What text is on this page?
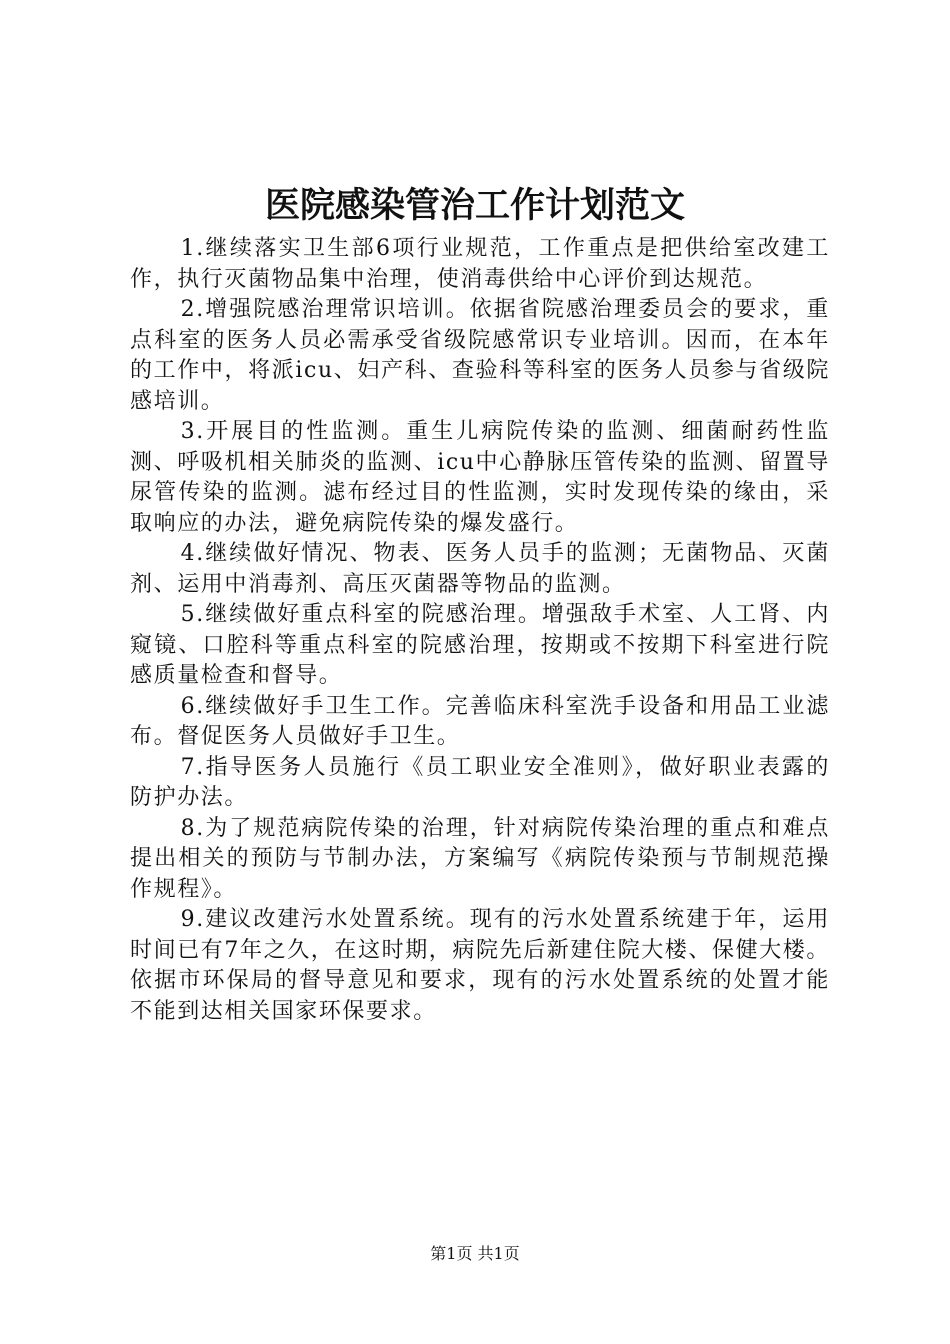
医院感染管治工作计划范文

1.继续落实卫生部6项行业规范，工作重点是把供给室改建工作，执行灭菌物品集中治理，使消毒供给中心评价到达规范。

2.增强院感治理常识培训。依据省院感治理委员会的要求，重点科室的医务人员必需承受省级院感常识专业培训。因而，在本年的工作中，将派icu、妇产科、查验科等科室的医务人员参与省级院感培训。

3.开展目的性监测。重生儿病院传染的监测、细菌耐药性监测、呼吸机相关肺炎的监测、icu中心静脉压管传染的监测、留置导尿管传染的监测。滤布经过目的性监测，实时发现传染的缘由，采取响应的办法，避免病院传染的爆发盛行。

4.继续做好情况、物表、医务人员手的监测；无菌物品、灭菌剂、运用中消毒剂、高压灭菌器等物品的监测。

5.继续做好重点科室的院感治理。增强敌手术室、人工肾、内窥镜、口腔科等重点科室的院感治理，按期或不按期下科室进行院感质量检查和督导。

6.继续做好手卫生工作。完善临床科室洗手设备和用品工业滤布。督促医务人员做好手卫生。

7.指导医务人员施行《员工职业安全准则》，做好职业表露的防护办法。

8.为了规范病院传染的治理，针对病院传染治理的重点和难点提出相关的预防与节制办法，方案编写《病院传染预与节制规范操作规程》。

9.建议改建污水处置系统。现有的污水处置系统建于年，运用时间已有7年之久，在这时期，病院先后新建住院大楼、保健大楼。依据市环保局的督导意见和要求，现有的污水处置系统的处置才能不能到达相关国家环保要求。

第1页 共1页
